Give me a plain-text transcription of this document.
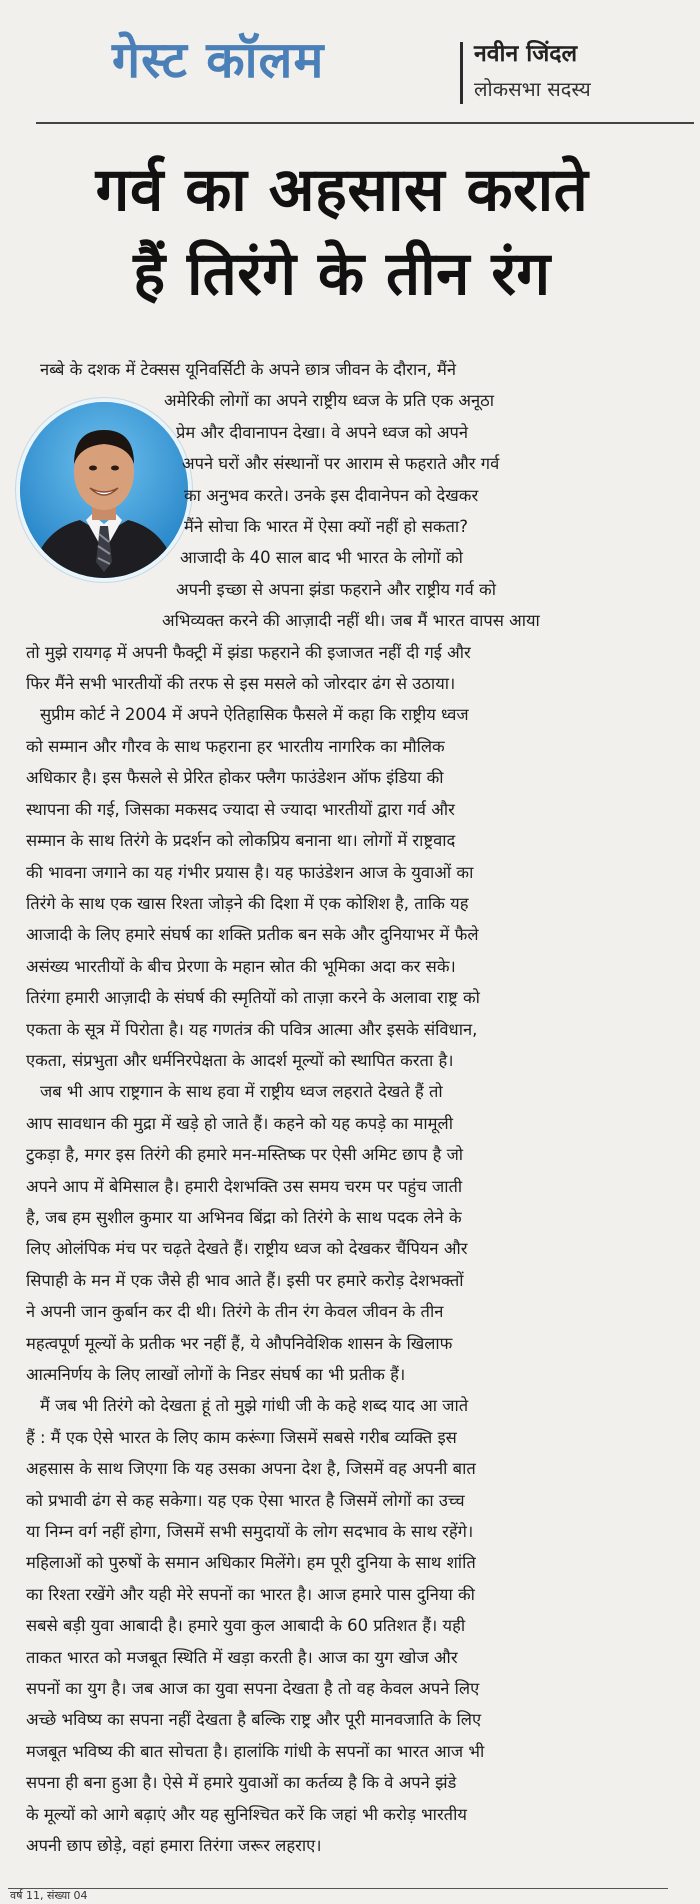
गेस्ट कॉलम	नवीन जिंदल
लोकसभा सदस्य
गर्व का अहसास कराते
हैं तिरंगे के तीन रंग
नब्बे के दशक में टेक्सस यूनिवर्सिटी के अपने छात्र जीवन के दौरान, मैंने
अमेरिकी लोगों का अपने राष्ट्रीय ध्वज के प्रति एक अनूठा
प्रेम और दीवानापन देखा। वे अपने ध्वज को अपने
अपने घरों और संस्थानों पर आराम से फहराते और गर्व
का अनुभव करते। उनके इस दीवानेपन को देखकर
मैंने सोचा कि भारत में ऐसा क्यों नहीं हो सकता?
आजादी के 40 साल बाद भी भारत के लोगों को
अपनी इच्छा से अपना झंडा फहराने और राष्ट्रीय गर्व को
अभिव्यक्त करने की आज़ादी नहीं थी। जब मैं भारत वापस आया
तो मुझे रायगढ़ में अपनी फैक्ट्री में झंडा फहराने की इजाजत नहीं दी गई और
फिर मैंने सभी भारतीयों की तरफ से इस मसले को जोरदार ढंग से उठाया।
सुप्रीम कोर्ट ने 2004 में अपने ऐतिहासिक फैसले में कहा कि राष्ट्रीय ध्वज
को सम्मान और गौरव के साथ फहराना हर भारतीय नागरिक का मौलिक
अधिकार है। इस फैसले से प्रेरित होकर फ्लैग फाउंडेशन ऑफ इंडिया की
स्थापना की गई, जिसका मकसद ज्यादा से ज्यादा भारतीयों द्वारा गर्व और
सम्मान के साथ तिरंगे के प्रदर्शन को लोकप्रिय बनाना था। लोगों में राष्ट्रवाद
की भावना जगाने का यह गंभीर प्रयास है। यह फाउंडेशन आज के युवाओं का
तिरंगे के साथ एक खास रिश्ता जोड़ने की दिशा में एक कोशिश है, ताकि यह
आजादी के लिए हमारे संघर्ष का शक्ति प्रतीक बन सके और दुनियाभर में फैले
असंख्य भारतीयों के बीच प्रेरणा के महान स्रोत की भूमिका अदा कर सके।
तिरंगा हमारी आज़ादी के संघर्ष की स्मृतियों को ताज़ा करने के अलावा राष्ट्र को
एकता के सूत्र में पिरोता है। यह गणतंत्र की पवित्र आत्मा और इसके संविधान,
एकता, संप्रभुता और धर्मनिरपेक्षता के आदर्श मूल्यों को स्थापित करता है।
जब भी आप राष्ट्रगान के साथ हवा में राष्ट्रीय ध्वज लहराते देखते हैं तो
आप सावधान की मुद्रा में खड़े हो जाते हैं। कहने को यह कपड़े का मामूली
टुकड़ा है, मगर इस तिरंगे की हमारे मन-मस्तिष्क पर ऐसी अमिट छाप है जो
अपने आप में बेमिसाल है। हमारी देशभक्ति उस समय चरम पर पहुंच जाती
है, जब हम सुशील कुमार या अभिनव बिंद्रा को तिरंगे के साथ पदक लेने के
लिए ओलंपिक मंच पर चढ़ते देखते हैं। राष्ट्रीय ध्वज को देखकर चैंपियन और
सिपाही के मन में एक जैसे ही भाव आते हैं। इसी पर हमारे करोड़ देशभक्तों
ने अपनी जान कुर्बान कर दी थी। तिरंगे के तीन रंग केवल जीवन के तीन
महत्वपूर्ण मूल्यों के प्रतीक भर नहीं हैं, ये औपनिवेशिक शासन के खिलाफ
आत्मनिर्णय के लिए लाखों लोगों के निडर संघर्ष का भी प्रतीक हैं।
मैं जब भी तिरंगे को देखता हूं तो मुझे गांधी जी के कहे शब्द याद आ जाते
हैं : मैं एक ऐसे भारत के लिए काम करूंगा जिसमें सबसे गरीब व्यक्ति इस
अहसास के साथ जिएगा कि यह उसका अपना देश है, जिसमें वह अपनी बात
को प्रभावी ढंग से कह सकेगा। यह एक ऐसा भारत है जिसमें लोगों का उच्च
या निम्न वर्ग नहीं होगा, जिसमें सभी समुदायों के लोग सदभाव के साथ रहेंगे।
महिलाओं को पुरुषों के समान अधिकार मिलेंगे। हम पूरी दुनिया के साथ शांति
का रिश्ता रखेंगे और यही मेरे सपनों का भारत है। आज हमारे पास दुनिया की
सबसे बड़ी युवा आबादी है। हमारे युवा कुल आबादी के 60 प्रतिशत हैं। यही
ताकत भारत को मजबूत स्थिति में खड़ा करती है। आज का युग खोज और
सपनों का युग है। जब आज का युवा सपना देखता है तो वह केवल अपने लिए
अच्छे भविष्य का सपना नहीं देखता है बल्कि राष्ट्र और पूरी मानवजाति के लिए
मजबूत भविष्य की बात सोचता है। हालांकि गांधी के सपनों का भारत आज भी
सपना ही बना हुआ है। ऐसे में हमारे युवाओं का कर्तव्य है कि वे अपने झंडे
के मूल्यों को आगे बढ़ाएं और यह सुनिश्चित करें कि जहां भी करोड़ भारतीय
अपनी छाप छोड़े, वहां हमारा तिरंगा जरूर लहराए।
वर्ष 11, संख्या 04
